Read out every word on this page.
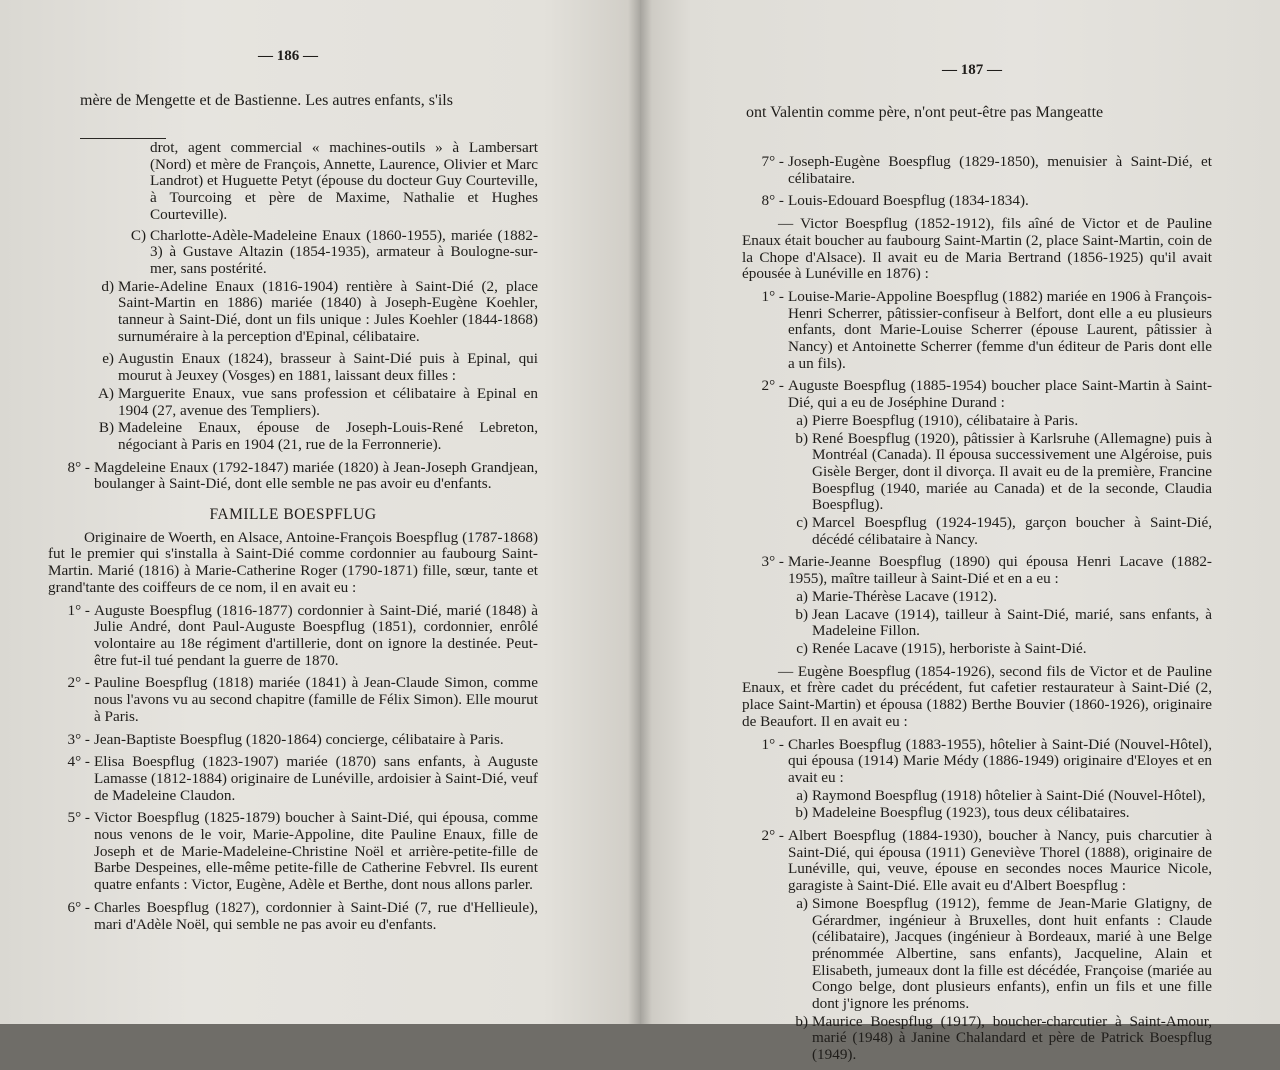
— 186 —
mère de Mengette et de Bastienne. Les autres enfants, s'ils

drot, agent commercial « machines-outils » à Lambersart (Nord) et mère de François, Annette, Laurence, Olivier et Marc Landrot) et Huguette Petyt (épouse du docteur Guy Courteville, à Tourcoing et père de Maxime, Nathalie et Hughes Courteville).

C) Charlotte-Adèle-Madeleine Enaux (1860-1955), mariée (1882-3) à Gustave Altazin (1854-1935), armateur à Boulogne-sur-mer, sans postérité.
d) Marie-Adeline Enaux (1816-1904) rentière à Saint-Dié (2, place Saint-Martin en 1886) mariée (1840) à Joseph-Eugène Koehler, tanneur à Saint-Dié, dont un fils unique : Jules Koehler (1844-1868) surnuméraire à la perception d'Epinal, célibataire.
e) Augustin Enaux (1824), brasseur à Saint-Dié puis à Epinal, qui mourut à Jeuxey (Vosges) en 1881, laissant deux filles :
A) Marguerite Enaux, vue sans profession et célibataire à Epinal en 1904 (27, avenue des Templiers).
B) Madeleine Enaux, épouse de Joseph-Louis-René Lebreton, négociant à Paris en 1904 (21, rue de la Ferronnerie).
8° - Magdeleine Enaux (1792-1847) mariée (1820) à Jean-Joseph Grandjean, boulanger à Saint-Dié, dont elle semble ne pas avoir eu d'enfants.
FAMILLE BOESPFLUG

Originaire de Woerth, en Alsace, Antoine-François Boespflug (1787-1868) fut le premier qui s'installa à Saint-Dié comme cordonnier au faubourg Saint-Martin. Marié (1816) à Marie-Catherine Roger (1790-1871) fille, sœur, tante et grand'tante des coiffeurs de ce nom, il en avait eu :

1° - Auguste Boespflug (1816-1877) cordonnier à Saint-Dié, marié (1848) à Julie André, dont Paul-Auguste Boespflug (1851), cordonnier, enrôlé volontaire au 18e régiment d'artillerie, dont on ignore la destinée. Peut-être fut-il tué pendant la guerre de 1870.
2° - Pauline Boespflug (1818) mariée (1841) à Jean-Claude Simon, comme nous l'avons vu au second chapitre (famille de Félix Simon). Elle mourut à Paris.
3° - Jean-Baptiste Boespflug (1820-1864) concierge, célibataire à Paris.
4° - Elisa Boespflug (1823-1907) mariée (1870) sans enfants, à Auguste Lamasse (1812-1884) originaire de Lunéville, ardoisier à Saint-Dié, veuf de Madeleine Claudon.
5° - Victor Boespflug (1825-1879) boucher à Saint-Dié, qui épousa, comme nous venons de le voir, Marie-Appoline, dite Pauline Enaux, fille de Joseph et de Marie-Madeleine-Christine Noël et arrière-petite-fille de Barbe Despeines, elle-même petite-fille de Catherine Febvrel. Ils eurent quatre enfants : Victor, Eugène, Adèle et Berthe, dont nous allons parler.
6° - Charles Boespflug (1827), cordonnier à Saint-Dié (7, rue d'Hellieule), mari d'Adèle Noël, qui semble ne pas avoir eu d'enfants.
— 187 —
ont Valentin comme père, n'ont peut-être pas Mangeatte
7° - Joseph-Eugène Boespflug (1829-1850), menuisier à Saint-Dié, et célibataire.
8° - Louis-Edouard Boespflug (1834-1834).

— Victor Boespflug (1852-1912), fils aîné de Victor et de Pauline Enaux était boucher au faubourg Saint-Martin (2, place Saint-Martin, coin de la Chope d'Alsace). Il avait eu de Maria Bertrand (1856-1925) qu'il avait épousée à Lunéville en 1876) :

1° - Louise-Marie-Appoline Boespflug (1882) mariée en 1906 à François-Henri Scherrer, pâtissier-confiseur à Belfort, dont elle a eu plusieurs enfants, dont Marie-Louise Scherrer (épouse Laurent, pâtissier à Nancy) et Antoinette Scherrer (femme d'un éditeur de Paris dont elle a un fils).
2° - Auguste Boespflug (1885-1954) boucher place Saint-Martin à Saint-Dié, qui a eu de Joséphine Durand :
a) Pierre Boespflug (1910), célibataire à Paris.
b) René Boespflug (1920), pâtissier à Karlsruhe (Allemagne) puis à Montréal (Canada). Il épousa successivement une Algéroise, puis Gisèle Berger, dont il divorça. Il avait eu de la première, Francine Boespflug (1940, mariée au Canada) et de la seconde, Claudia Boespflug).
c) Marcel Boespflug (1924-1945), garçon boucher à Saint-Dié, décédé célibataire à Nancy.
3° - Marie-Jeanne Boespflug (1890) qui épousa Henri Lacave (1882-1955), maître tailleur à Saint-Dié et en a eu :
a) Marie-Thérèse Lacave (1912).
b) Jean Lacave (1914), tailleur à Saint-Dié, marié, sans enfants, à Madeleine Fillon.
c) Renée Lacave (1915), herboriste à Saint-Dié.

— Eugène Boespflug (1854-1926), second fils de Victor et de Pauline Enaux, et frère cadet du précédent, fut cafetier restaurateur à Saint-Dié (2, place Saint-Martin) et épousa (1882) Berthe Bouvier (1860-1926), originaire de Beaufort. Il en avait eu :

1° - Charles Boespflug (1883-1955), hôtelier à Saint-Dié (Nouvel-Hôtel), qui épousa (1914) Marie Médy (1886-1949) originaire d'Eloyes et en avait eu :
a) Raymond Boespflug (1918) hôtelier à Saint-Dié (Nouvel-Hôtel),
b) Madeleine Boespflug (1923), tous deux célibataires.
2° - Albert Boespflug (1884-1930), boucher à Nancy, puis charcutier à Saint-Dié, qui épousa (1911) Geneviève Thorel (1888), originaire de Lunéville, qui, veuve, épouse en secondes noces Maurice Nicole, garagiste à Saint-Dié. Elle avait eu d'Albert Boespflug :
a) Simone Boespflug (1912), femme de Jean-Marie Glatigny, de Gérardmer, ingénieur à Bruxelles, dont huit enfants : Claude (célibataire), Jacques (ingénieur à Bordeaux, marié à une Belge prénommée Albertine, sans enfants), Jacqueline, Alain et Elisabeth, jumeaux dont la fille est décédée, Françoise (mariée au Congo belge, dont plusieurs enfants), enfin un fils et une fille dont j'ignore les prénoms.
b) Maurice Boespflug (1917), boucher-charcutier à Saint-Amour, marié (1948) à Janine Chalandard et père de Patrick Boespflug (1949).
